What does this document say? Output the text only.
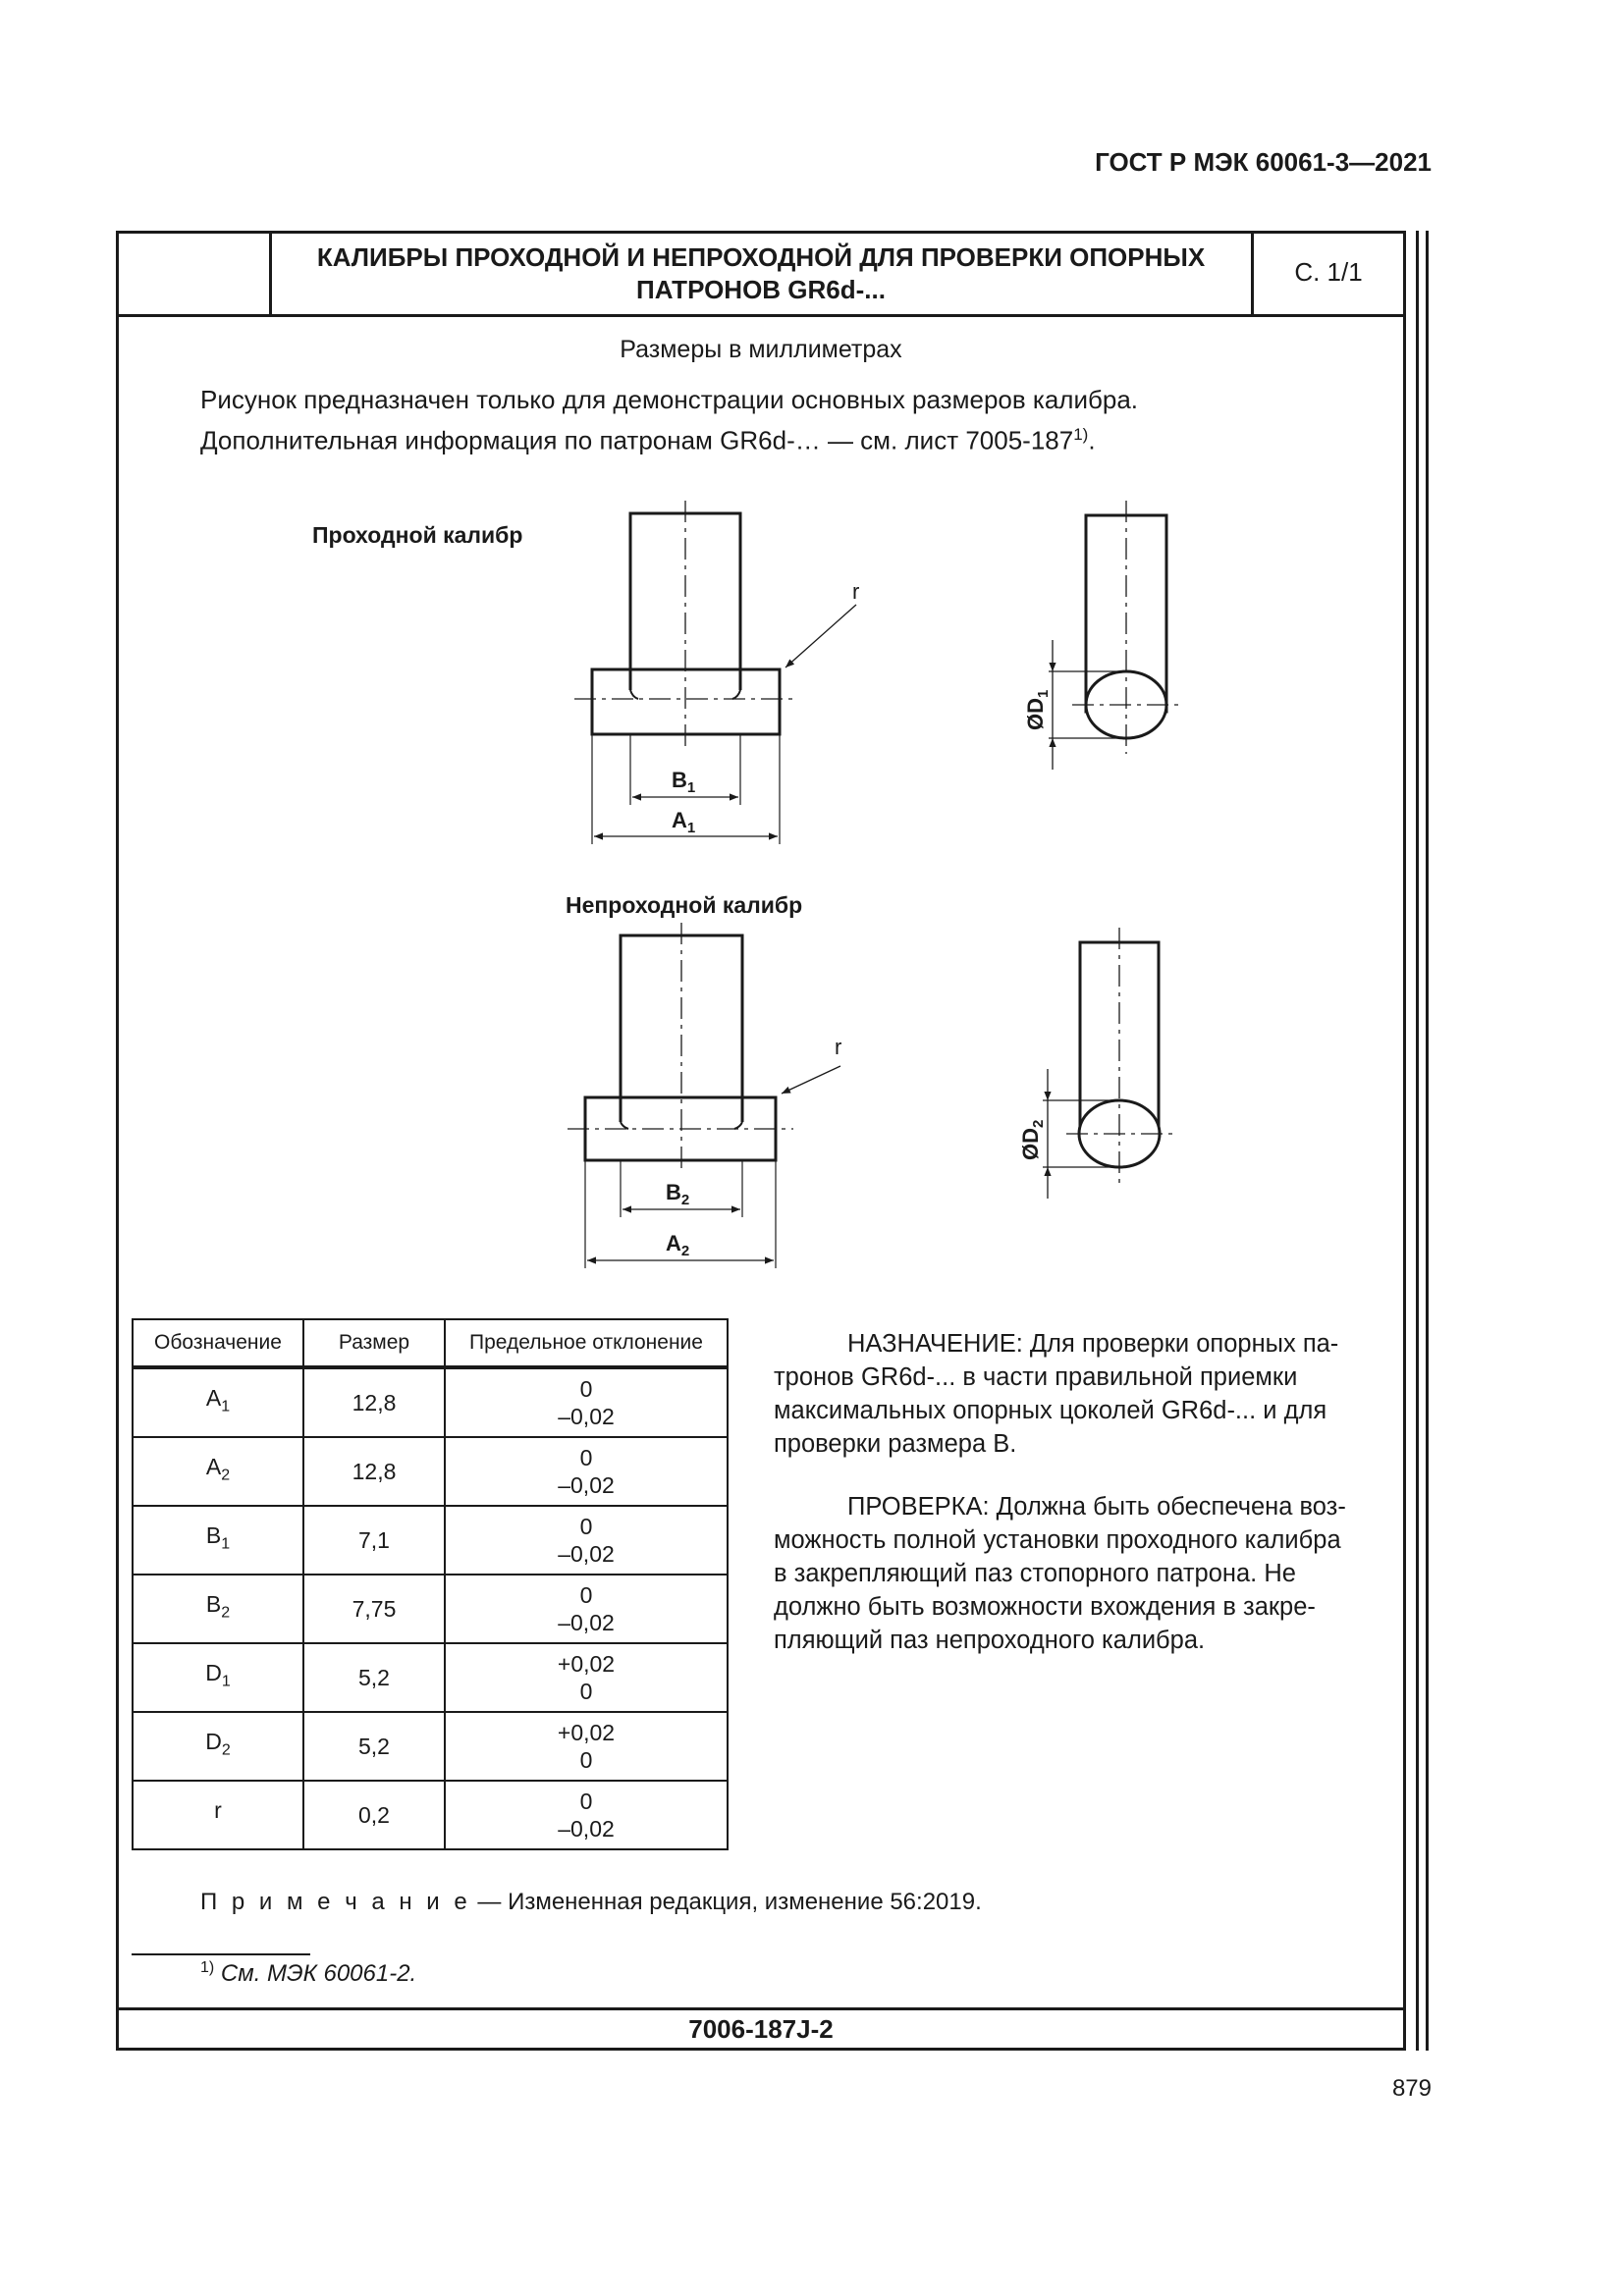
ГОСТ Р МЭК 60061-3—2021
КАЛИБРЫ ПРОХОДНОЙ И НЕПРОХОДНОЙ ДЛЯ ПРОВЕРКИ ОПОРНЫХ
ПАТРОНОВ GR6d-...
С. 1/1
Размеры в миллиметрах
Рисунок предназначен только для демонстрации основных размеров калибра.
Дополнительная информация по патронам GR6d-… — см. лист 7005-187$^{1)}$.
Проходной калибр
Непроходной калибр
r
r
$B_1$
$A_1$
$B_2$
$A_2$
$ØD_1$
$ØD_2$
Обозначение	Размер	Предельное отклонение
$A_1$	12,8	0
–0,02

$A_2$	12,8	0
–0,02

$B_1$	7,1	0
–0,02

$B_2$	7,75	0
–0,02

$D_1$	5,2	+0,02
0

$D_2$	5,2	+0,02
0

r	0,2	0
–0,02
НАЗНАЧЕНИЕ: Для проверки опорных па-
тронов GR6d-... в части правильной приемки
максимальных опорных цоколей GR6d-... и для
проверки размера В.
ПРОВЕРКА: Должна быть обеспечена воз-
можность полной установки проходного калибра
в закрепляющий паз стопорного патрона. Не
должно быть возможности вхождения в закре-
пляющий паз непроходного калибра.
П р и м е ч а н и е — Измененная редакция, изменение 56:2019.
$^{1)}$ См. МЭК 60061-2.
7006-187J-2
879
